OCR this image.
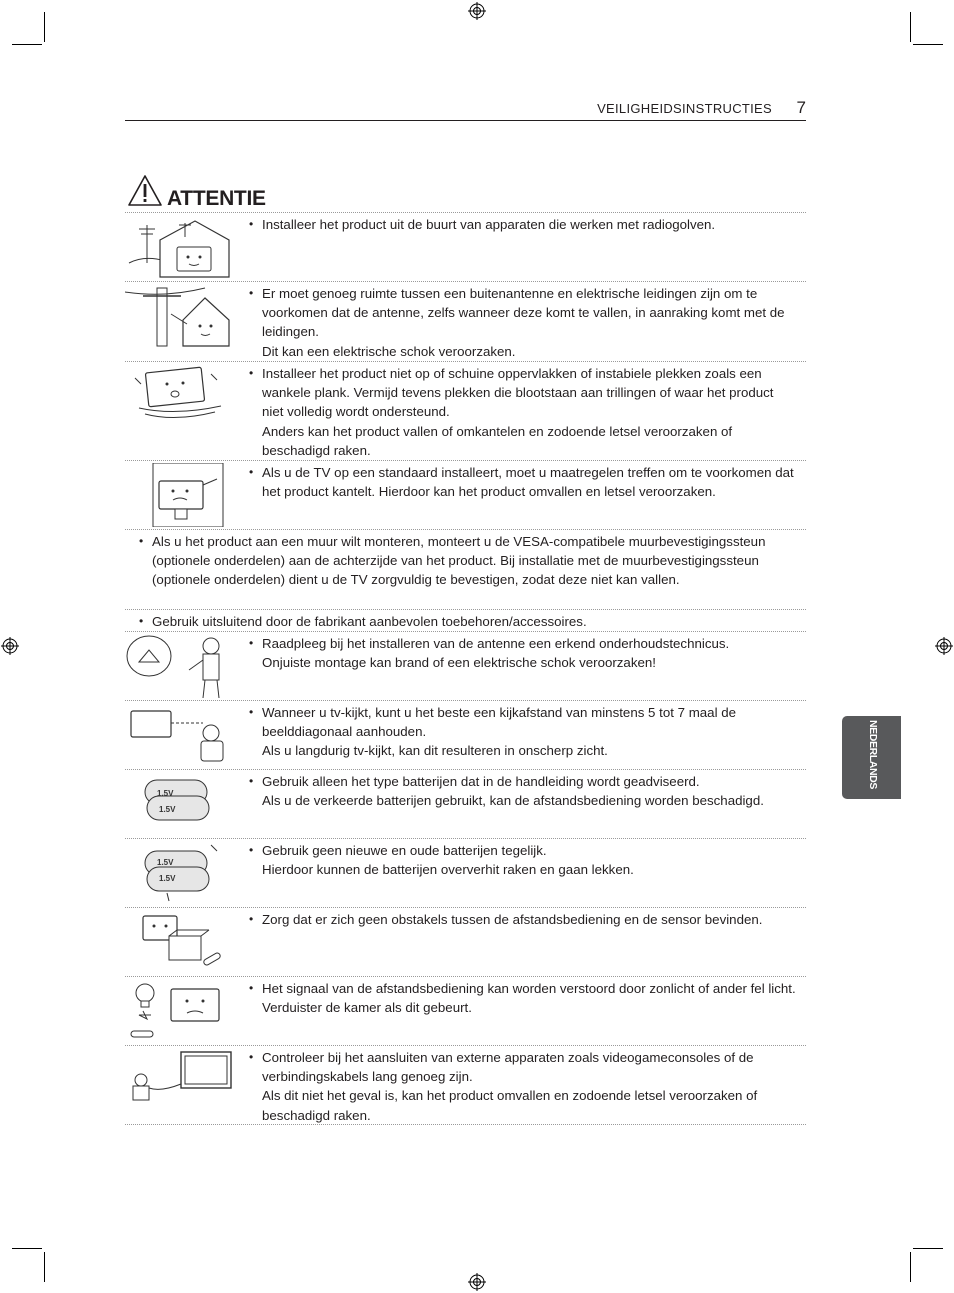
VEILIGHEIDSINSTRUCTIES 7
ATTENTIE

• Installeer het product uit de buurt van apparaten die werken met radiogolven.

• Er moet genoeg ruimte tussen een buitenantenne en elektrische leidingen zijn om te voorkomen dat de antenne, zelfs wanneer deze komt te vallen, in aanraking komt met de leidingen.

Dit kan een elektrische schok veroorzaken.

• Installeer het product niet op of schuine oppervlakken of instabiele plekken zoals een wankele plank. Vermijd tevens plekken die blootstaan aan trillingen of waar het product niet volledig wordt ondersteund.

Anders kan het product vallen of omkantelen en zodoende letsel veroorzaken of beschadigd raken.

• Als u de TV op een standaard installeert, moet u maatregelen treffen om te voorkomen dat het product kantelt. Hierdoor kan het product omvallen en letsel veroorzaken.

• Als u het product aan een muur wilt monteren, monteert u de VESA-compatibele muurbevestigingssteun (optionele onderdelen) aan de achterzijde van het product. Bij installatie met de muurbevestigingssteun (optionele onderdelen) dient u de TV zorgvuldig te bevestigen, zodat deze niet kan vallen.

• Gebruik uitsluitend door de fabrikant aanbevolen toebehoren/accessoires.

• Raadpleeg bij het installeren van de antenne een erkend onderhoudstechnicus.

Onjuiste montage kan brand of een elektrische schok veroorzaken!

• Wanneer u tv-kijkt, kunt u het beste een kijkafstand van minstens 5 tot 7 maal de beelddiagonaal aanhouden.

Als u langdurig tv-kijkt, kan dit resulteren in onscherp zicht.

1.5V
1.5V

• Gebruik alleen het type batterijen dat in de handleiding wordt geadviseerd.

Als u de verkeerde batterijen gebruikt, kan de afstandsbediening worden beschadigd.

1.5V
1.5V

• Gebruik geen nieuwe en oude batterijen tegelijk.

Hierdoor kunnen de batterijen oververhit raken en gaan lekken.

• Zorg dat er zich geen obstakels tussen de afstandsbediening en de sensor bevinden.

• Het signaal van de afstandsbediening kan worden verstoord door zonlicht of ander fel licht. Verduister de kamer als dit gebeurt.

• Controleer bij het aansluiten van externe apparaten zoals videogameconsoles of de verbindingskabels lang genoeg zijn.

Als dit niet het geval is, kan het product omvallen en zodoende letsel veroorzaken of beschadigd raken.

NEDERLANDS
